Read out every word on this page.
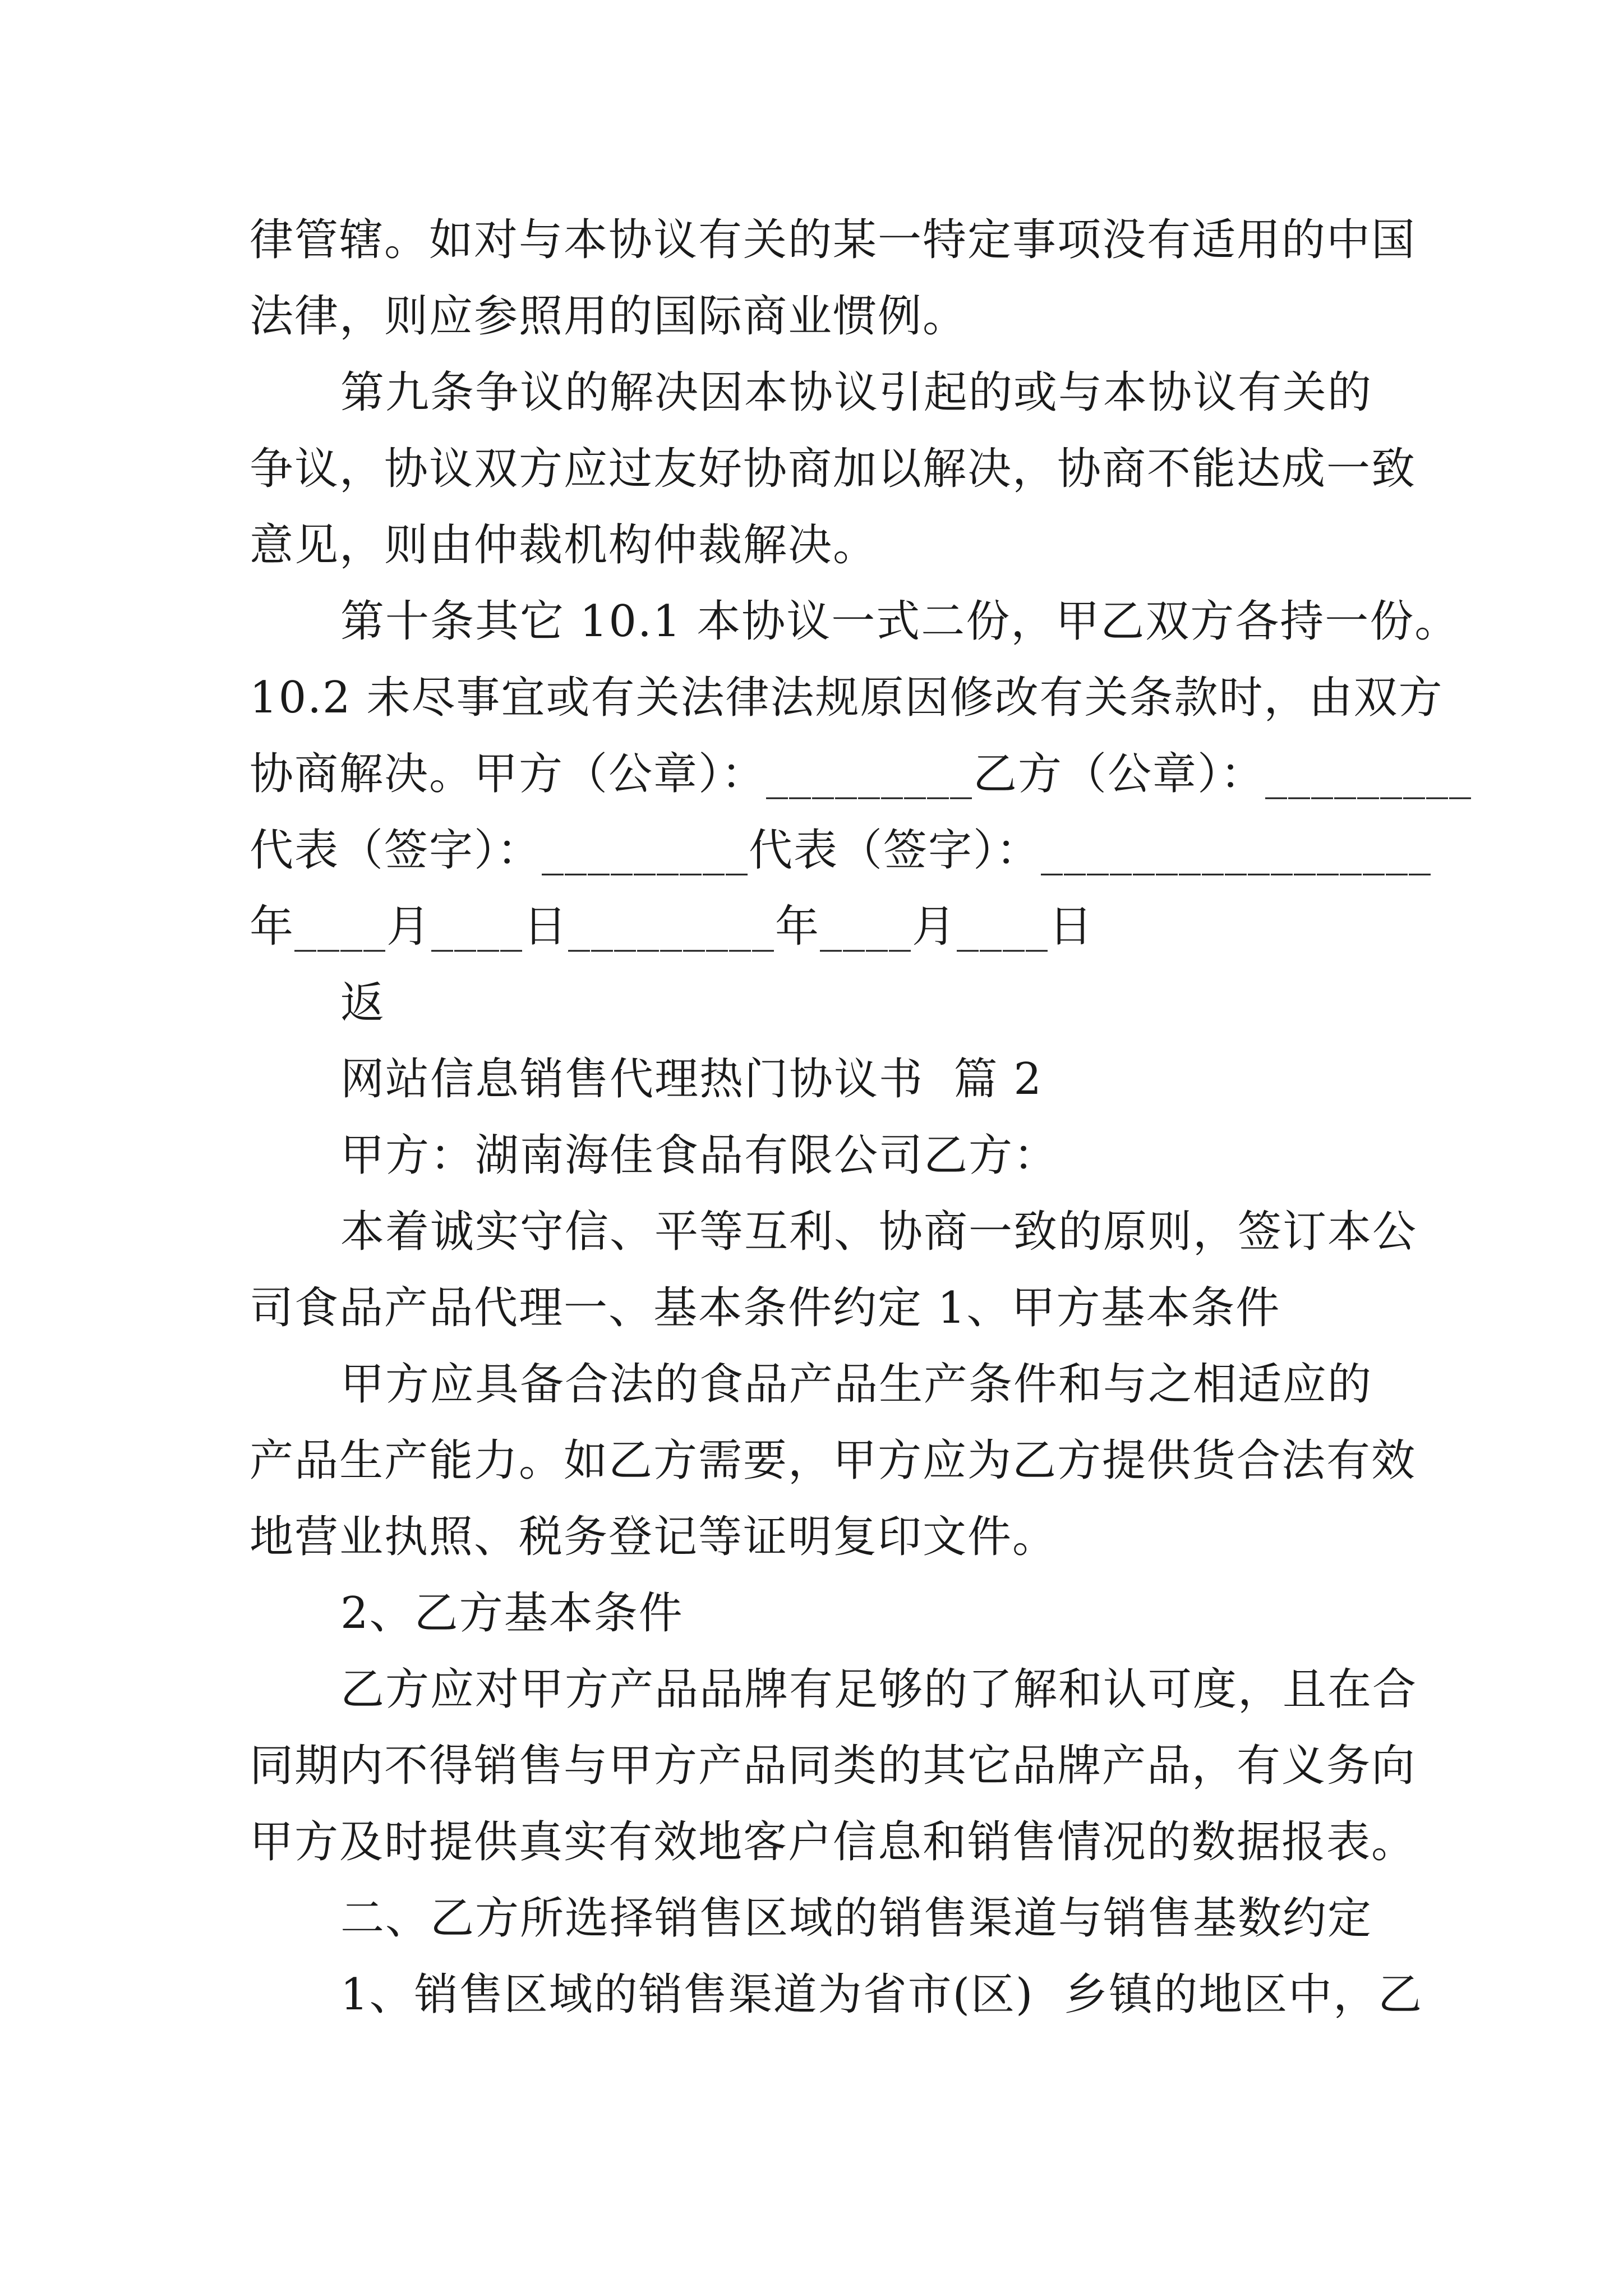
律管辖。如对与本协议有关的某一特定事项没有适用的中国
法律，则应参照用的国际商业惯例。
第九条争议的解决因本协议引起的或与本协议有关的
争议，协议双方应过友好协商加以解决，协商不能达成一致
意见，则由仲裁机构仲裁解决。
第十条其它 10.1 本协议一式二份，甲乙双方各持一份。
10.2 未尽事宜或有关法律法规原因修改有关条款时，由双方
协商解决。甲方（公章）：_________乙方（公章）：_________
代表（签字）：_________代表（签字）：_________________
年____月____日_________年____月____日
返
网站信息销售代理热门协议书  篇 2
甲方：湖南海佳食品有限公司乙方：
本着诚实守信、平等互利、协商一致的原则，签订本公
司食品产品代理一、基本条件约定 1、甲方基本条件
甲方应具备合法的食品产品生产条件和与之相适应的
产品生产能力。如乙方需要，甲方应为乙方提供货合法有效
地营业执照、税务登记等证明复印文件。
2、乙方基本条件
乙方应对甲方产品品牌有足够的了解和认可度，且在合
同期内不得销售与甲方产品同类的其它品牌产品，有义务向
甲方及时提供真实有效地客户信息和销售情况的数据报表。
二、乙方所选择销售区域的销售渠道与销售基数约定
1、销售区域的销售渠道为省市(区)  乡镇的地区中，乙
